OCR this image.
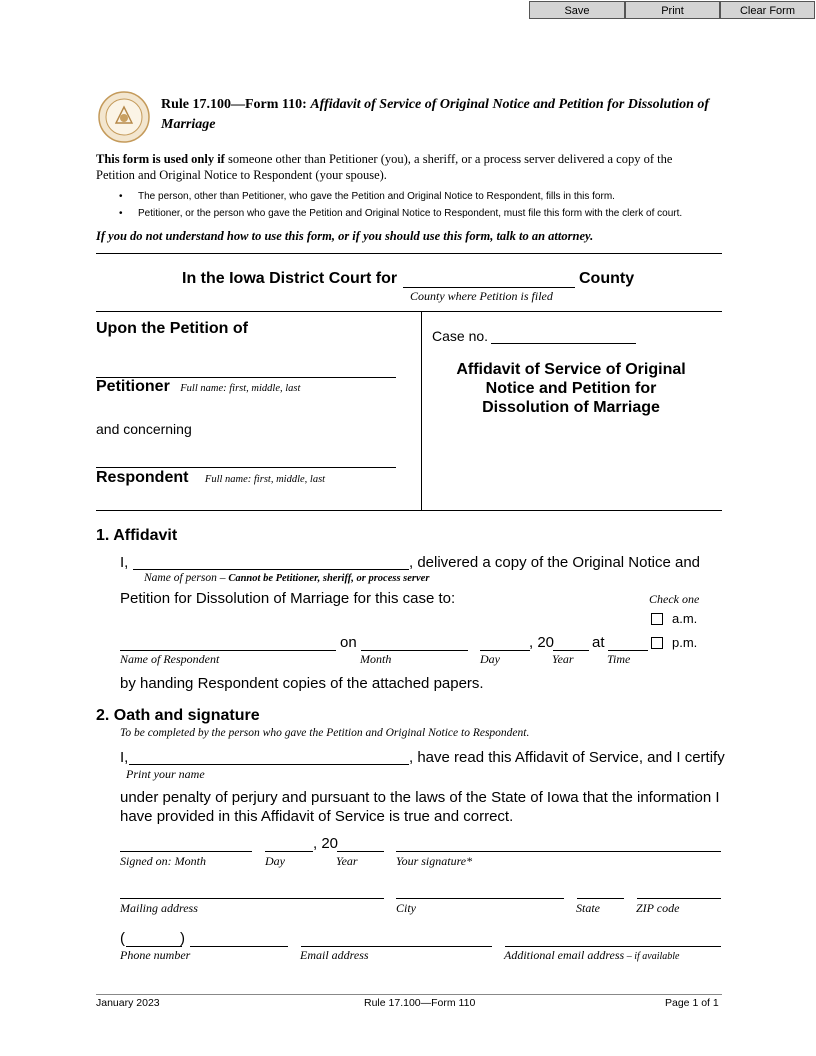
Save	Print	Clear Form
Rule 17.100—Form 110: Affidavit of Service of Original Notice and Petition for Dissolution of
Marriage
This form is used only if someone other than Petitioner (you), a sheriff, or a process server delivered a copy of the
Petition and Original Notice to Respondent (your spouse).
• The person, other than Petitioner, who gave the Petition and Original Notice to Respondent, fills in this form.
• Petitioner, or the person who gave the Petition and Original Notice to Respondent, must file this form with the clerk of court.
If you do not understand how to use this form, or if you should use this form, talk to an attorney.
In the Iowa District Court for	County
County where Petition is filed
Upon the Petition of
Petitioner Full name: first, middle, last
and concerning
Respondent Full name: first, middle, last
Case no.
Affidavit of Service of Original
Notice and Petition for
Dissolution of Marriage
1. Affidavit
I,	, delivered a copy of the Original Notice and
Name of person – Cannot be Petitioner, sheriff, or process server
Petition for Dissolution of Marriage for this case to:	Check one
a.m.
on	, 20	at	p.m.
Name of Respondent	Month	Day	Year	Time
by handing Respondent copies of the attached papers.
2. Oath and signature
To be completed by the person who gave the Petition and Original Notice to Respondent.
I,	, have read this Affidavit of Service, and I certify
Print your name
under penalty of perjury and pursuant to the laws of the State of Iowa that the information I
have provided in this Affidavit of Service is true and correct.
, 20
Signed on: Month	Day	Year	Your signature*
Mailing address	City	State	ZIP code
(	)
Phone number	Email address	Additional email address – if available
January 2023	Rule 17.100—Form 110	Page 1 of 1
